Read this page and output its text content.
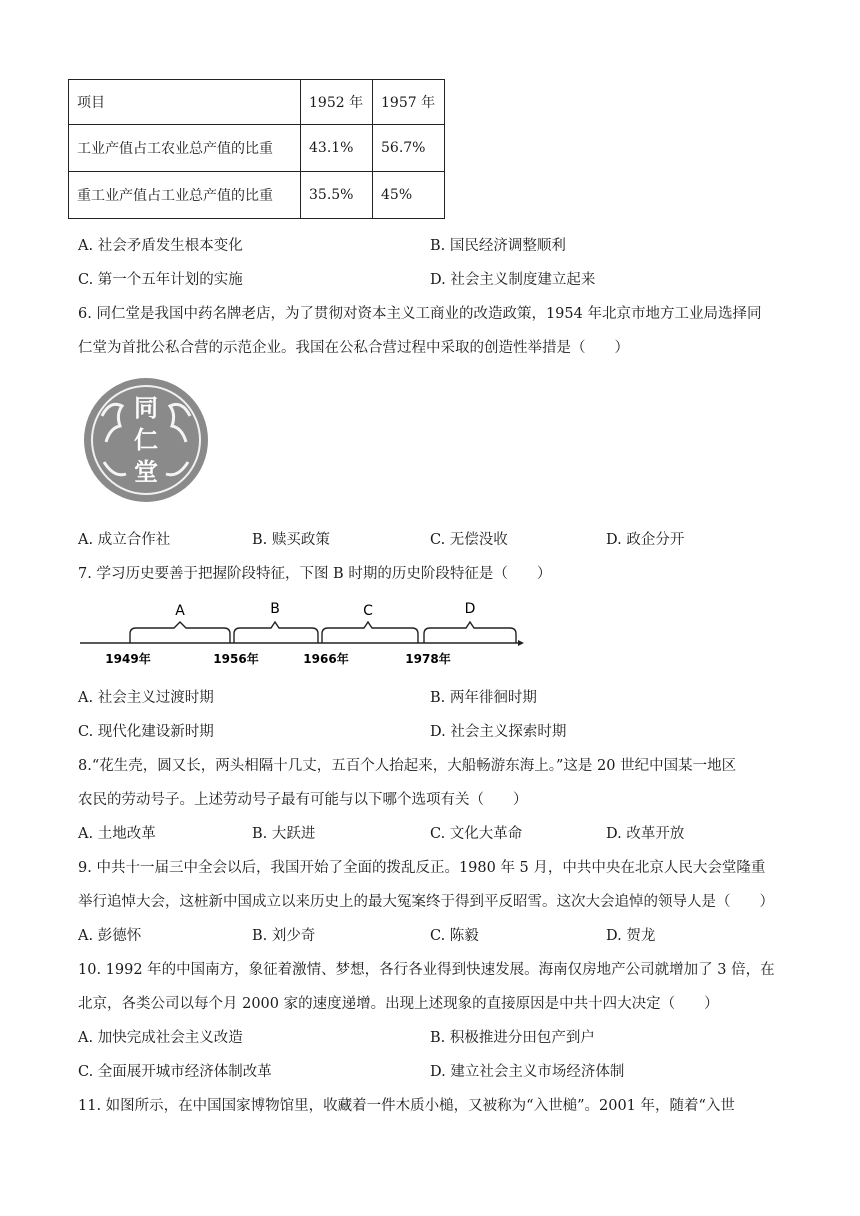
项目	1952 年	1957 年
工业产值占工农业总产值的比重	43.1%	56.7%
重工业产值占工业总产值的比重	35.5%	45%
A. 社会矛盾发生根本变化	B. 国民经济调整顺利
C. 第一个五年计划的实施	D. 社会主义制度建立起来
6. 同仁堂是我国中药名牌老店，为了贯彻对资本主义工商业的改造政策，1954 年北京市地方工业局选择同
仁堂为首批公私合营的示范企业。我国在公私合营过程中采取的创造性举措是（　　）
同
仁
堂
A. 成立合作社	B. 赎买政策	C. 无偿没收	D. 政企分开
7. 学习历史要善于把握阶段特征，下图 B 时期的历史阶段特征是（　　）
A	B	C	D
1949年	1956年	1966年	1978年
A. 社会主义过渡时期	B. 两年徘徊时期
C. 现代化建设新时期	D. 社会主义探索时期
8.“花生壳，圆又长，两头相隔十几丈，五百个人抬起来，大船畅游东海上。”这是 20 世纪中国某一地区
农民的劳动号子。上述劳动号子最有可能与以下哪个选项有关（　　）
A. 土地改革	B. 大跃进	C. 文化大革命	D. 改革开放
9. 中共十一届三中全会以后，我国开始了全面的拨乱反正。1980 年 5 月，中共中央在北京人民大会堂隆重
举行追悼大会，这桩新中国成立以来历史上的最大冤案终于得到平反昭雪。这次大会追悼的领导人是（　　）
A. 彭德怀	B. 刘少奇	C. 陈毅	D. 贺龙
10. 1992 年的中国南方，象征着激情、梦想，各行各业得到快速发展。海南仅房地产公司就增加了 3 倍，在
北京，各类公司以每个月 2000 家的速度递增。出现上述现象的直接原因是中共十四大决定（　　）
A. 加快完成社会主义改造	B. 积极推进分田包产到户
C. 全面展开城市经济体制改革	D. 建立社会主义市场经济体制
11. 如图所示，在中国国家博物馆里，收藏着一件木质小槌，又被称为“入世槌”。2001 年，随着“入世
